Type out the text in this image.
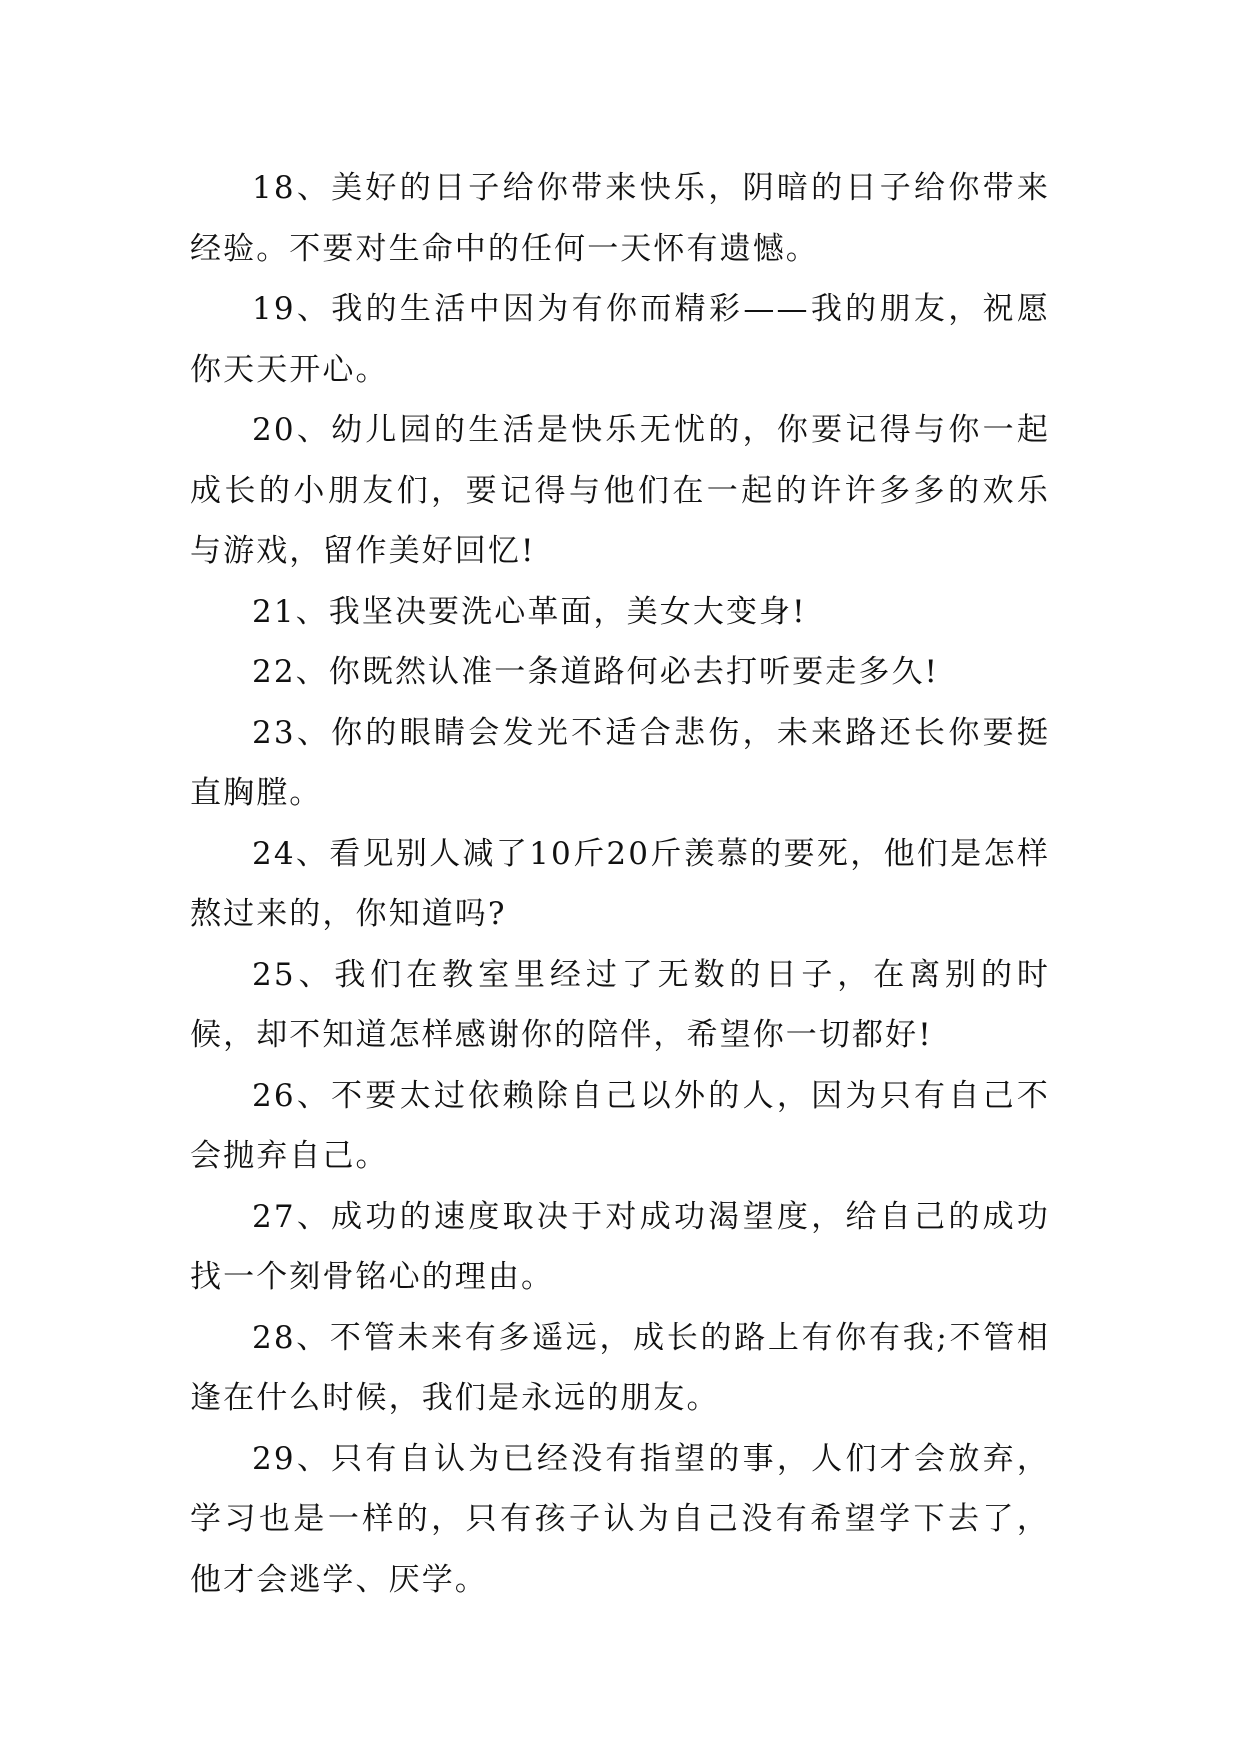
18、美好的日子给你带来快乐，阴暗的日子给你带来经验。不要对生命中的任何一天怀有遗憾。

19、我的生活中因为有你而精彩——我的朋友，祝愿你天天开心。

20、幼儿园的生活是快乐无忧的，你要记得与你一起成长的小朋友们，要记得与他们在一起的许许多多的欢乐与游戏，留作美好回忆!

21、我坚决要洗心革面，美女大变身!

22、你既然认准一条道路何必去打听要走多久!

23、你的眼睛会发光不适合悲伤，未来路还长你要挺直胸膛。

24、看见别人减了10斤20斤羡慕的要死，他们是怎样熬过来的，你知道吗?

25、我们在教室里经过了无数的日子，在离别的时候，却不知道怎样感谢你的陪伴，希望你一切都好!

26、不要太过依赖除自己以外的人，因为只有自己不会抛弃自己。

27、成功的速度取决于对成功渴望度，给自己的成功找一个刻骨铭心的理由。

28、不管未来有多遥远，成长的路上有你有我;不管相逢在什么时候，我们是永远的朋友。

29、只有自认为已经没有指望的事，人们才会放弃，学习也是一样的，只有孩子认为自己没有希望学下去了，他才会逃学、厌学。
